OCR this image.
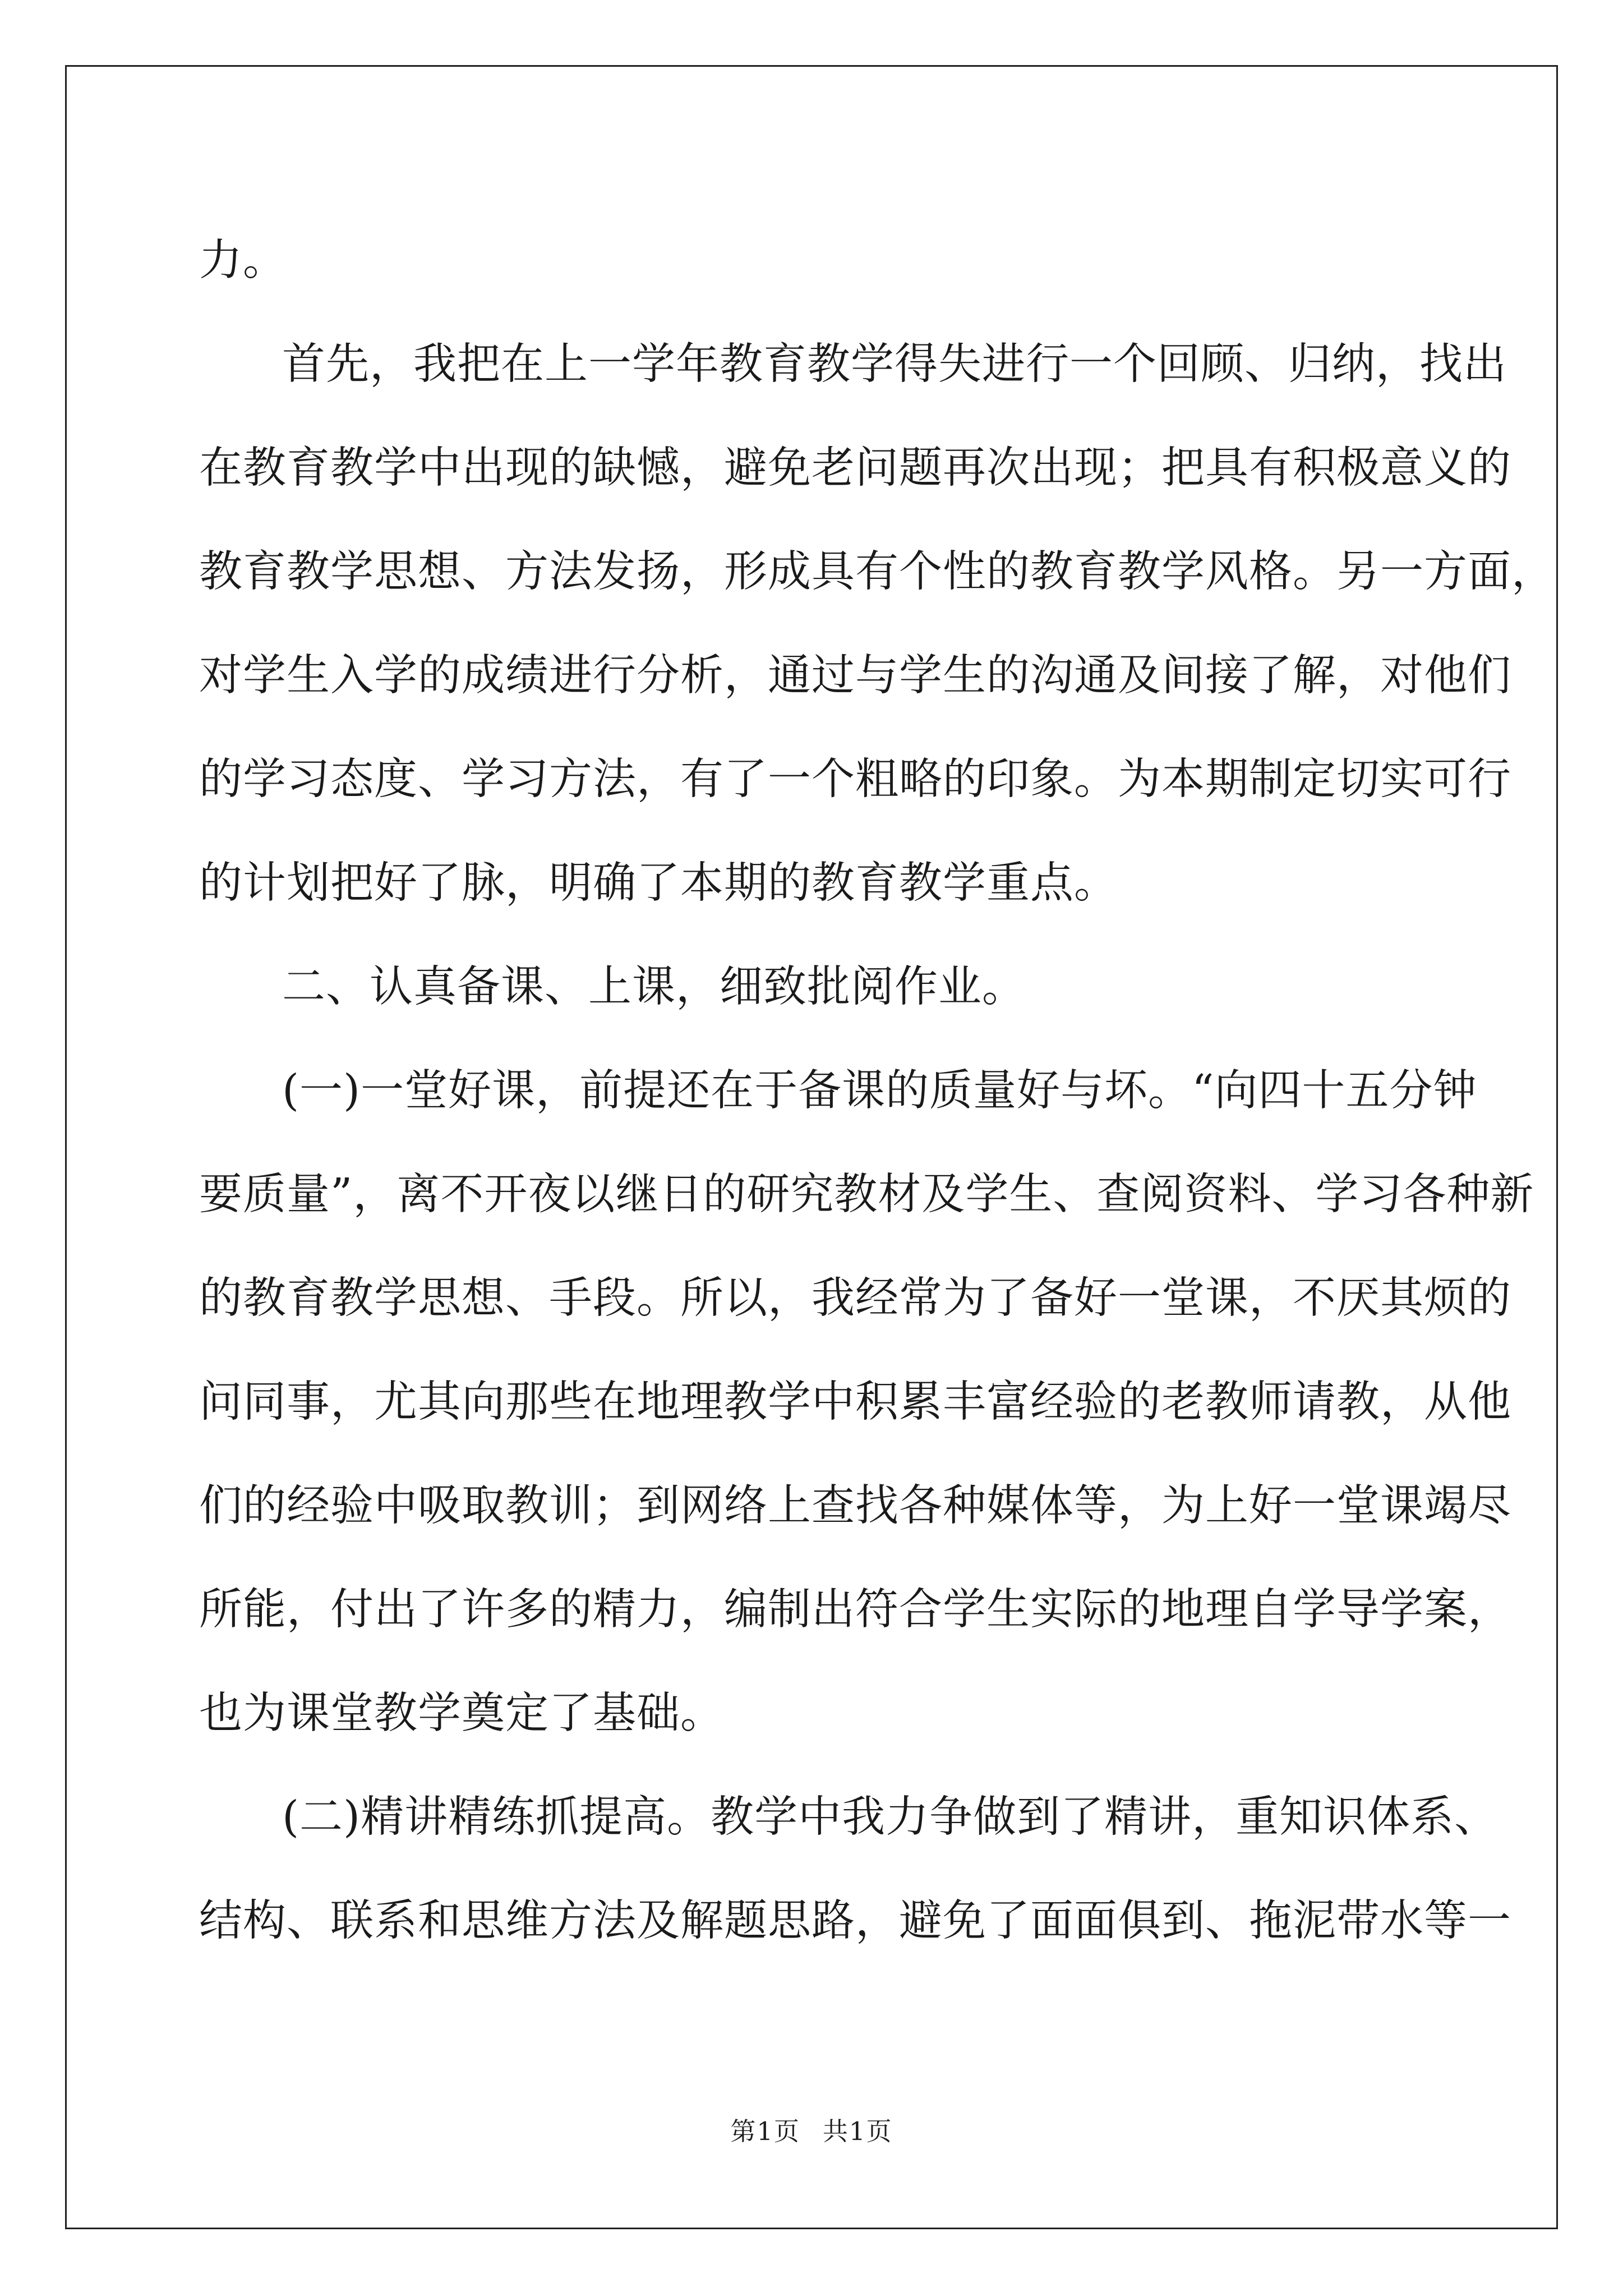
力。
首先，我把在上一学年教育教学得失进行一个回顾、归纳，找出
在教育教学中出现的缺憾，避免老问题再次出现；把具有积极意义的
教育教学思想、方法发扬，形成具有个性的教育教学风格。另一方面，
对学生入学的成绩进行分析，通过与学生的沟通及间接了解，对他们
的学习态度、学习方法，有了一个粗略的印象。为本期制定切实可行
的计划把好了脉，明确了本期的教育教学重点。
二、认真备课、上课，细致批阅作业。
(一)一堂好课，前提还在于备课的质量好与坏。“向四十五分钟
要质量”，离不开夜以继日的研究教材及学生、查阅资料、学习各种新
的教育教学思想、手段。所以，我经常为了备好一堂课，不厌其烦的
问同事，尤其向那些在地理教学中积累丰富经验的老教师请教，从他
们的经验中吸取教训；到网络上查找各种媒体等，为上好一堂课竭尽
所能，付出了许多的精力，编制出符合学生实际的地理自学导学案，
也为课堂教学奠定了基础。
(二)精讲精练抓提高。教学中我力争做到了精讲，重知识体系、
结构、联系和思维方法及解题思路，避免了面面俱到、拖泥带水等一
第1页 共1页
